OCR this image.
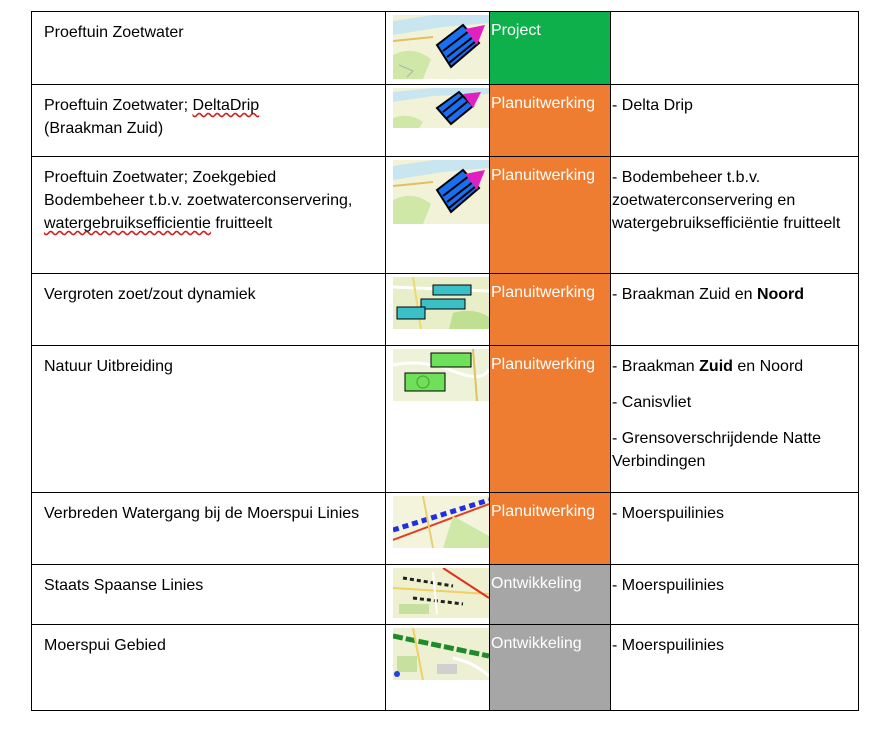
Proeftuin Zoetwater		Project	

Proeftuin Zoetwater; DeltaDrip
(Braakman Zuid)		Planuitwerking	- Delta Drip

Proeftuin Zoetwater; Zoekgebied Bodembeheer t.b.v. zoetwaterconservering, watergebruiksefficientie fruitteelt		Planuitwerking	- Bodembeheer t.b.v. zoetwaterconservering en watergebruiksefficiëntie fruitteelt

Vergroten zoet/zout dynamiek		Planuitwerking	- Braakman Zuid en Noord

Natuur Uitbreiding		Planuitwerking	- Braakman Zuid en Noord

- Canisvliet

- Grensoverschrijdende Natte Verbindingen

Verbreden Watergang bij de Moerspui Linies		Planuitwerking	- Moerspuilinies

Staats Spaanse Linies		Ontwikkeling	- Moerspuilinies

Moerspui Gebied		Ontwikkeling	- Moerspuilinies
